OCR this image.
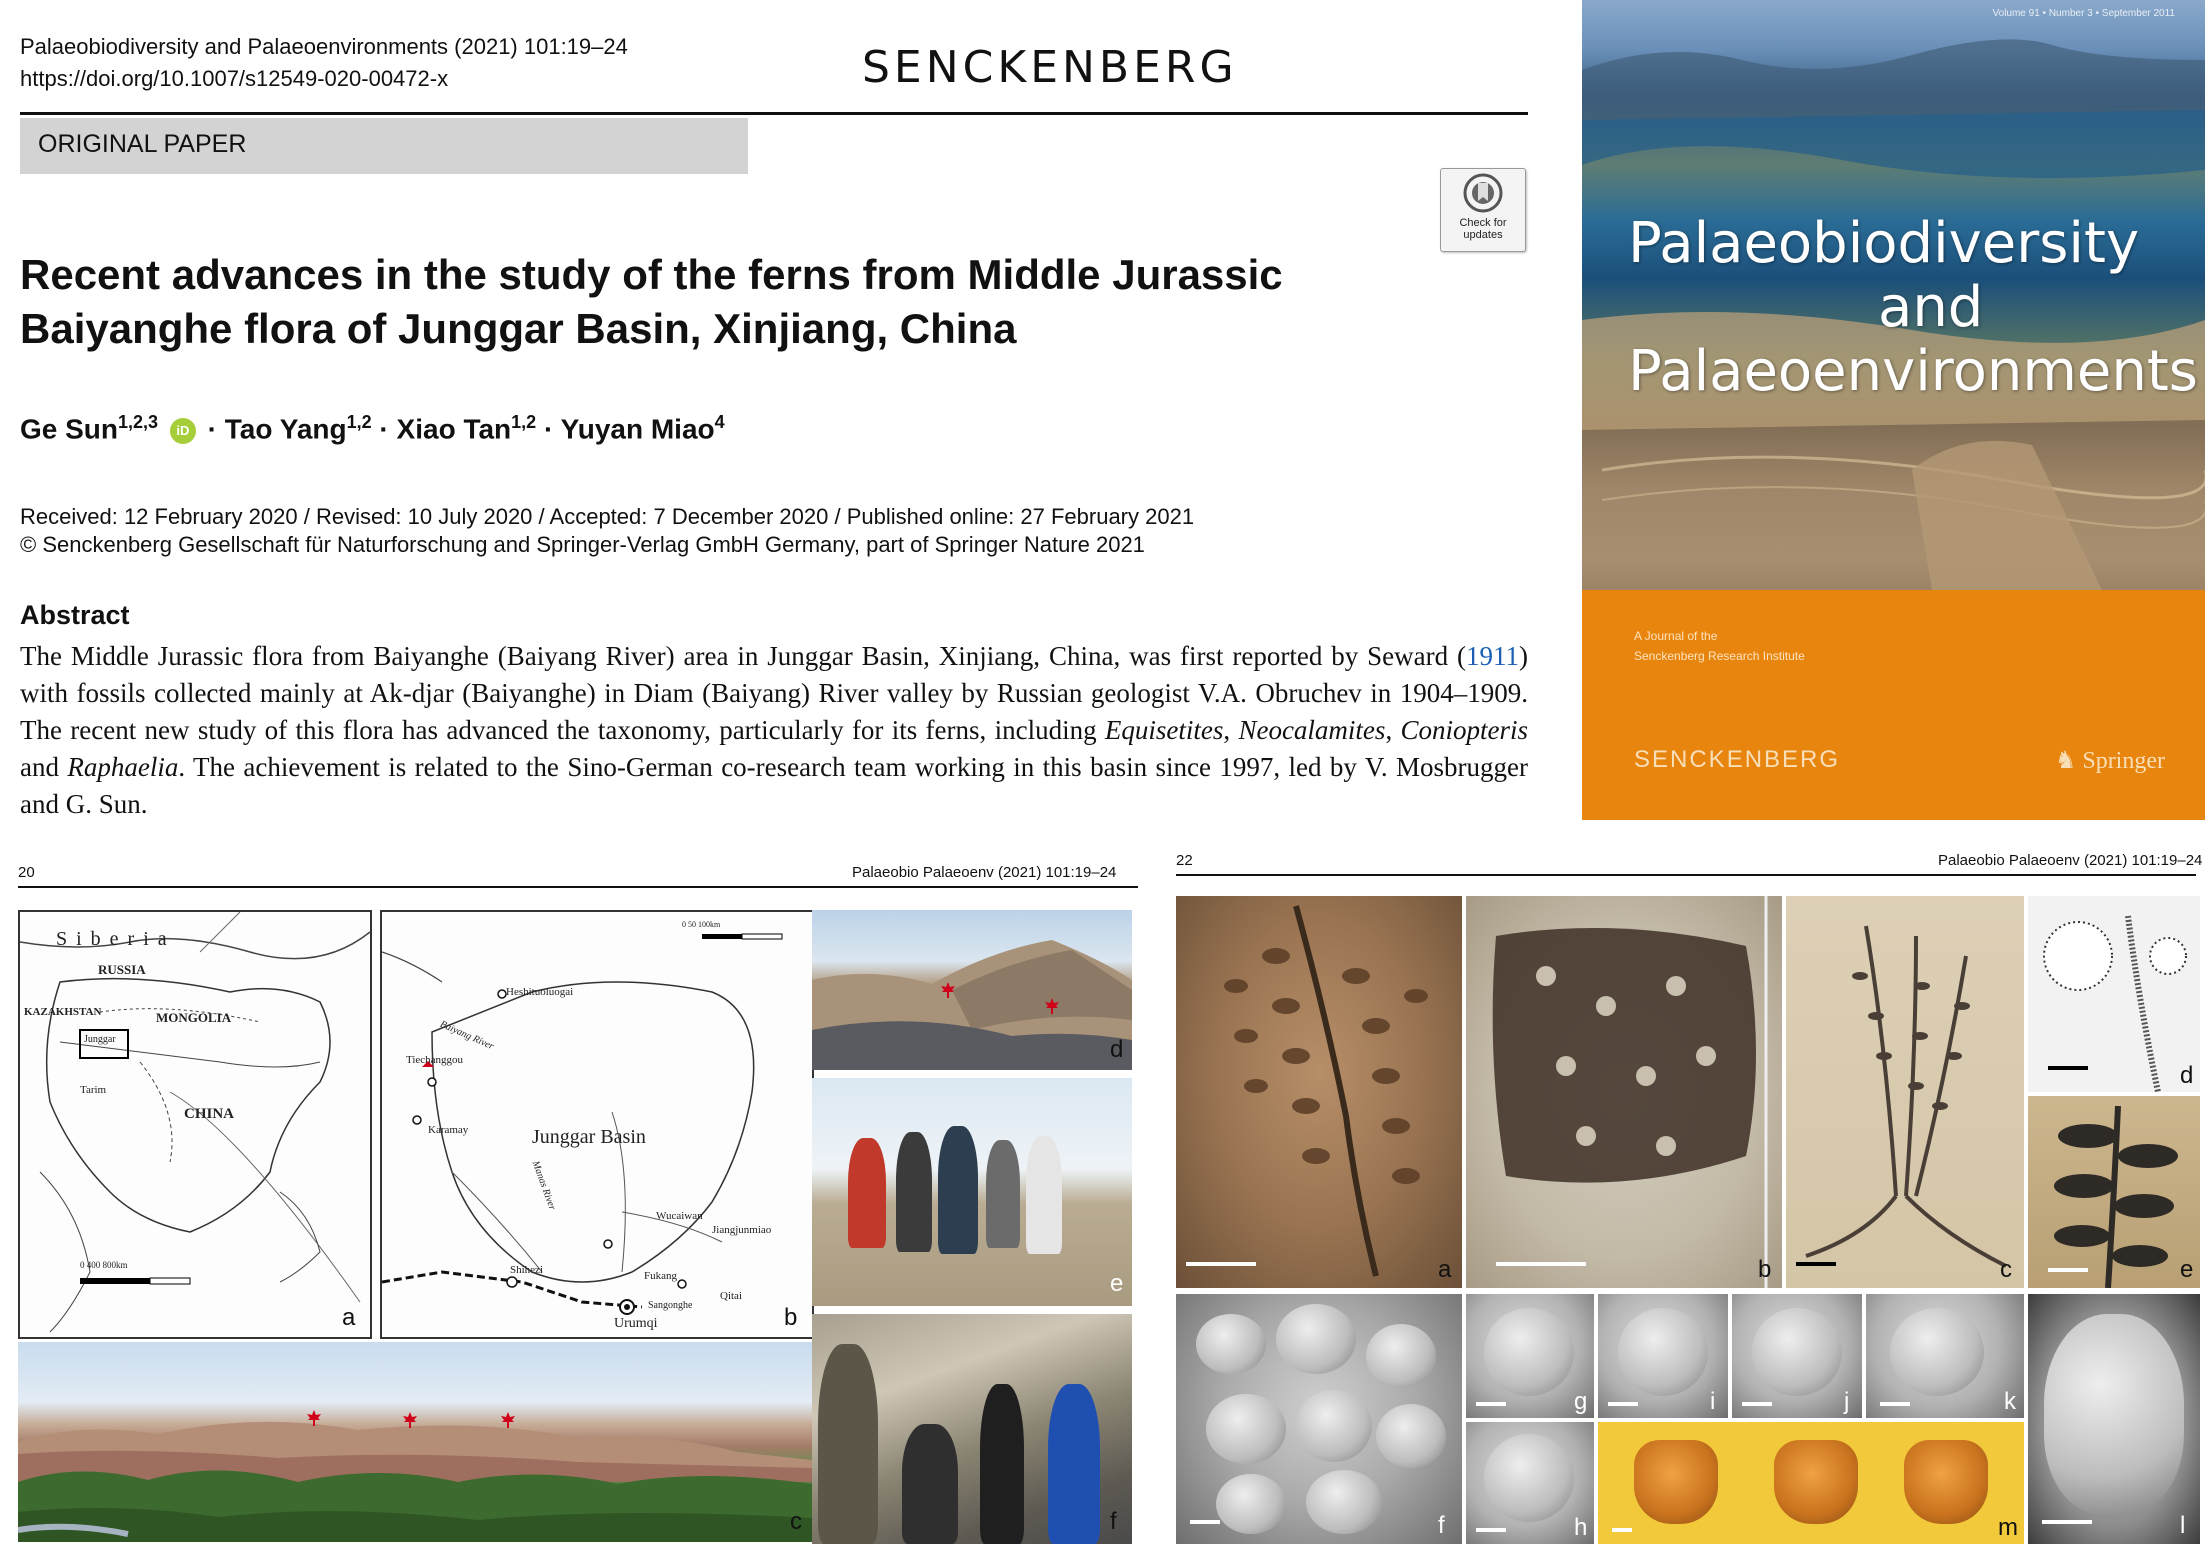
Palaeobiodiversity and Palaeoenvironments (2021) 101:19–24
https://doi.org/10.1007/s12549-020-00472-x	SENCKENBERG
ORIGINAL PAPER
Check for updates
Recent advances in the study of the ferns from Middle Jurassic Baiyanghe flora of Junggar Basin, Xinjiang, China
Ge Sun$^{1,2,3}$ iD · Tao Yang$^{1,2}$ · Xiao Tan$^{1,2}$ · Yuyan Miao$^4$
Received: 12 February 2020 / Revised: 10 July 2020 / Accepted: 7 December 2020 / Published online: 27 February 2021
© Senckenberg Gesellschaft für Naturforschung and Springer-Verlag GmbH Germany, part of Springer Nature 2021
Abstract
The Middle Jurassic flora from Baiyanghe (Baiyang River) area in Junggar Basin, Xinjiang, China, was first reported by Seward (1911) with fossils collected mainly at Ak-djar (Baiyanghe) in Diam (Baiyang) River valley by Russian geologist V.A. Obruchev in 1904–1909. The recent new study of this flora has advanced the taxonomy, particularly for its ferns, including Equisetites, Neocalamites, Coniopteris and Raphaelia. The achievement is related to the Sino-German co-research team working in this basin since 1997, led by V. Mosbrugger and G. Sun.
Volume 91 • Number 3 • September 2011
Palaeobiodiversity
and
Palaeoenvironments
A Journal of the
Senckenberg Research Institute
SENCKENBERG	♞ Springer
20	Palaeobio Palaeoenv (2021) 101:19–24
S i b e r i a
RUSSIA
KAZAKHSTAN	MONGOLIA
Junggar
Tarim
CHINA
0 400 800km
a
0 50 100km
Heshituoluogai
Baiyang River
Tiechanggou
Karamay	Junggar Basin
Manas River
Wucaiwan
Jiangjunmiao
Shihezi	Fukang
Qitai
Sangonghe
Urumqi	b
c
d
e
f
22	Palaeobio Palaeoenv (2021) 101:19–24
a	b	c
d
e
f
g	i	j	k
h	m	l
